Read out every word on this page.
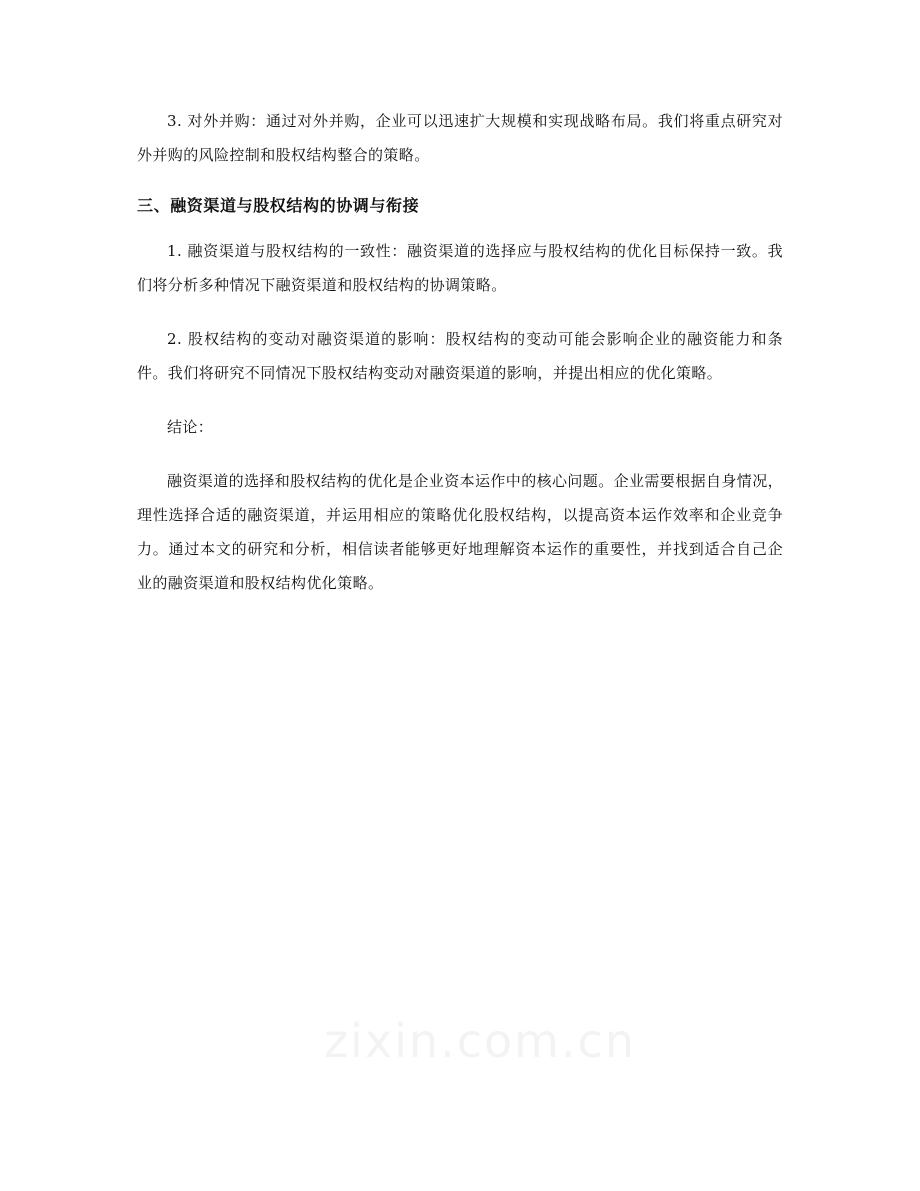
3. 对外并购：通过对外并购，企业可以迅速扩大规模和实现战略布局。我们将重点研究对外并购的风险控制和股权结构整合的策略。

三、融资渠道与股权结构的协调与衔接

1. 融资渠道与股权结构的一致性：融资渠道的选择应与股权结构的优化目标保持一致。我们将分析多种情况下融资渠道和股权结构的协调策略。

2. 股权结构的变动对融资渠道的影响：股权结构的变动可能会影响企业的融资能力和条件。我们将研究不同情况下股权结构变动对融资渠道的影响，并提出相应的优化策略。

结论：

融资渠道的选择和股权结构的优化是企业资本运作中的核心问题。企业需要根据自身情况，理性选择合适的融资渠道，并运用相应的策略优化股权结构，以提高资本运作效率和企业竞争力。通过本文的研究和分析，相信读者能够更好地理解资本运作的重要性，并找到适合自己企业的融资渠道和股权结构优化策略。

zixin.com.cn
